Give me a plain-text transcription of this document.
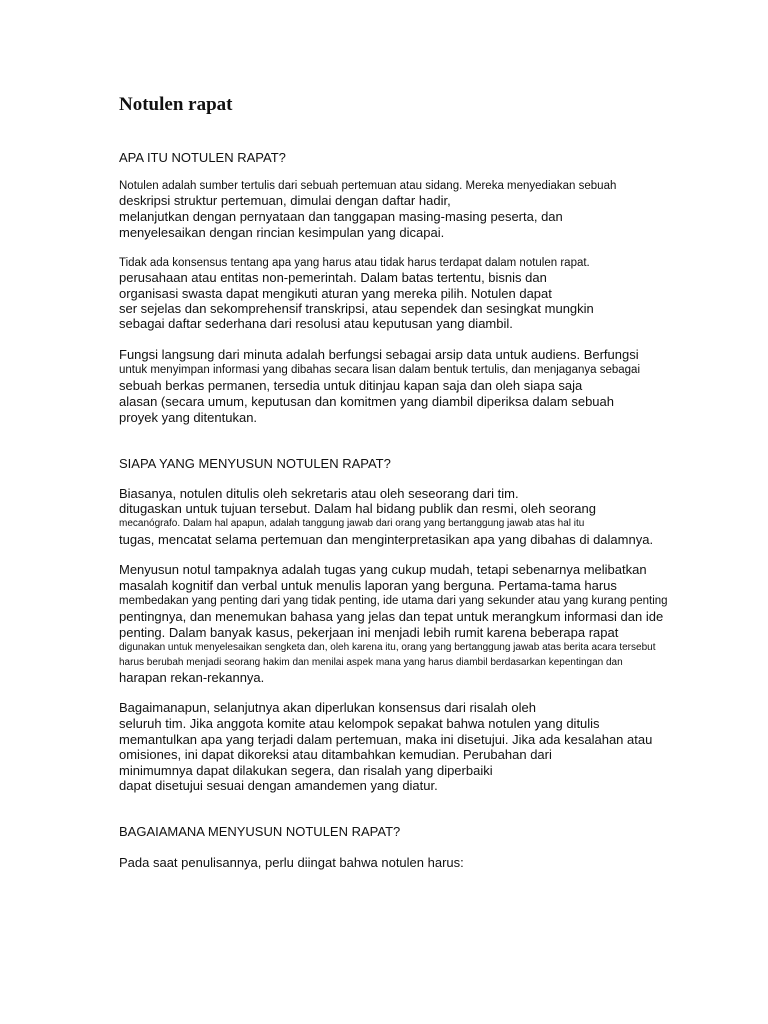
Notulen rapat

APA ITU NOTULEN RAPAT?

Notulen adalah sumber tertulis dari sebuah pertemuan atau sidang. Mereka menyediakan sebuah

deskripsi struktur pertemuan, dimulai dengan daftar hadir,

melanjutkan dengan pernyataan dan tanggapan masing-masing peserta, dan

menyelesaikan dengan rincian kesimpulan yang dicapai.

Tidak ada konsensus tentang apa yang harus atau tidak harus terdapat dalam notulen rapat.

perusahaan atau entitas non-pemerintah. Dalam batas tertentu, bisnis dan

organisasi swasta dapat mengikuti aturan yang mereka pilih. Notulen dapat

ser sejelas dan sekomprehensif transkripsi, atau sependek dan sesingkat mungkin

sebagai daftar sederhana dari resolusi atau keputusan yang diambil.

Fungsi langsung dari minuta adalah berfungsi sebagai arsip data untuk audiens. Berfungsi

untuk menyimpan informasi yang dibahas secara lisan dalam bentuk tertulis, dan menjaganya sebagai

sebuah berkas permanen, tersedia untuk ditinjau kapan saja dan oleh siapa saja

alasan (secara umum, keputusan dan komitmen yang diambil diperiksa dalam sebuah

proyek yang ditentukan.

SIAPA YANG MENYUSUN NOTULEN RAPAT?

Biasanya, notulen ditulis oleh sekretaris atau oleh seseorang dari tim.

ditugaskan untuk tujuan tersebut. Dalam hal bidang publik dan resmi, oleh seorang

mecanógrafo. Dalam hal apapun, adalah tanggung jawab dari orang yang bertanggung jawab atas hal itu

tugas, mencatat selama pertemuan dan menginterpretasikan apa yang dibahas di dalamnya.

Menyusun notul tampaknya adalah tugas yang cukup mudah, tetapi sebenarnya melibatkan

masalah kognitif dan verbal untuk menulis laporan yang berguna. Pertama-tama harus

membedakan yang penting dari yang tidak penting, ide utama dari yang sekunder atau yang kurang penting

pentingnya, dan menemukan bahasa yang jelas dan tepat untuk merangkum informasi dan ide

penting. Dalam banyak kasus, pekerjaan ini menjadi lebih rumit karena beberapa rapat

digunakan untuk menyelesaikan sengketa dan, oleh karena itu, orang yang bertanggung jawab atas berita acara tersebut

harus berubah menjadi seorang hakim dan menilai aspek mana yang harus diambil berdasarkan kepentingan dan

harapan rekan-rekannya.

Bagaimanapun, selanjutnya akan diperlukan konsensus dari risalah oleh

seluruh tim. Jika anggota komite atau kelompok sepakat bahwa notulen yang ditulis

memantulkan apa yang terjadi dalam pertemuan, maka ini disetujui. Jika ada kesalahan atau

omisiones, ini dapat dikoreksi atau ditambahkan kemudian. Perubahan dari

minimumnya dapat dilakukan segera, dan risalah yang diperbaiki

dapat disetujui sesuai dengan amandemen yang diatur.

BAGAIAMANA MENYUSUN NOTULEN RAPAT?

Pada saat penulisannya, perlu diingat bahwa notulen harus:
